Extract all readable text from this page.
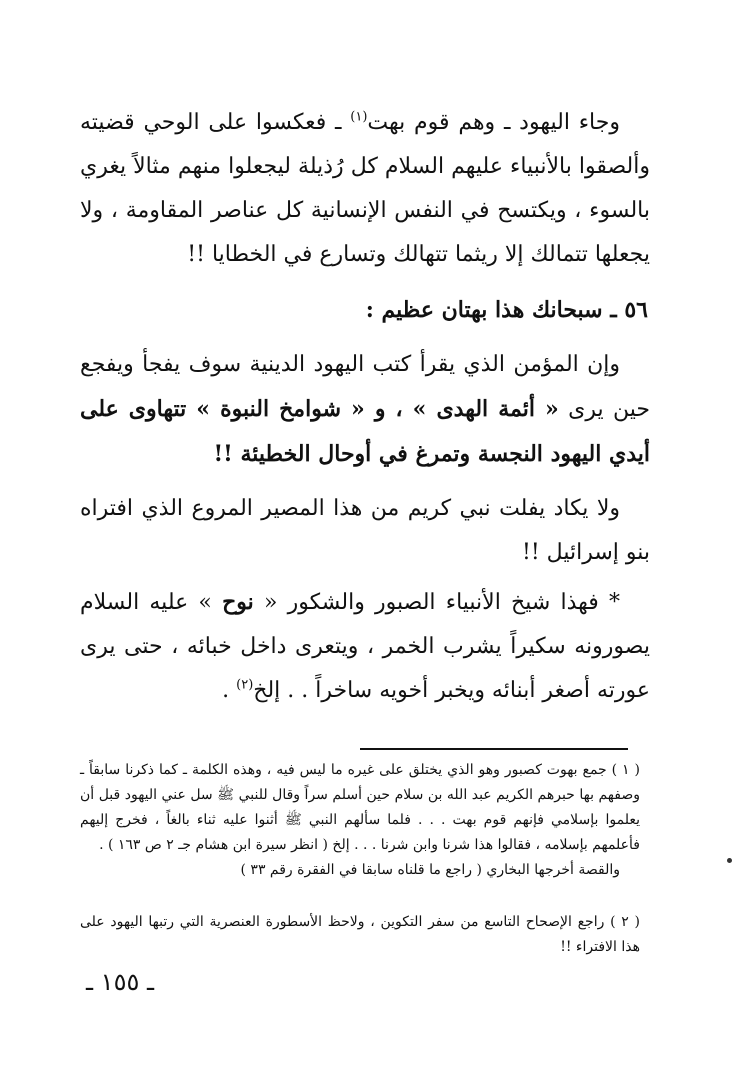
وجاء اليهود ـ وهم قوم بهت$^{(١)}$ ـ فعكسوا على الوحي قضيته وألصقوا بالأنبياء عليهم السلام كل رُذيلة ليجعلوا منهم مثالاً يغري بالسوء ، ويكتسح في النفس الإنسانية كل عناصر المقاومة ، ولا يجعلها تتمالك إلا ريثما تتهالك وتسارع في الخطايا !!

٥٦ ـ سبحانك هذا بهتان عظيم :

وإن المؤمن الذي يقرأ كتب اليهود الدينية سوف يفجأ ويفجع حين يرى « أئمة الهدى » ، و « شوامخ النبوة » تتهاوى على أيدي اليهود النجسة وتمرغ في أوحال الخطيئة !!

ولا يكاد يفلت نبي كريم من هذا المصير المروع الذي افتراه بنو إسرائيل !!

* فهذا شيخ الأنبياء الصبور والشكور « نوح » عليه السلام يصورونه سكيراً يشرب الخمر ، ويتعرى داخل خبائه ، حتى يرى عورته أصغر أبنائه ويخبر أخويه ساخراً . . إلخ$^{(٢)}$ .

( ١ ) جمع بهوت كصبور وهو الذي يختلق على غيره ما ليس فيه ، وهذه الكلمة ـ كما ذكرنا سابقاً ـ وصفهم بها حبرهم الكريم عبد الله بن سلام حين أسلم سراً وقال للنبي ﷺ سل عني اليهود قبل أن يعلموا بإسلامي فإنهم قوم بهت . . . فلما سألهم النبي ﷺ أثنوا عليه ثناء بالغاً ، فخرج إليهم فأعلمهم بإسلامه ، فقالوا هذا شرنا وابن شرنا . . . إلخ ( انظر سيرة ابن هشام جـ ٢ ص ١٦٣ ) .

والقصة أخرجها البخاري ( راجع ما قلناه سابقا في الفقرة رقم ٣٣ )

( ٢ ) راجع الإصحاح التاسع من سفر التكوين ، ولاحظ الأسطورة العنصرية التي رتبها اليهود على هذا الافتراء !!

ـ ١٥٥ ـ
